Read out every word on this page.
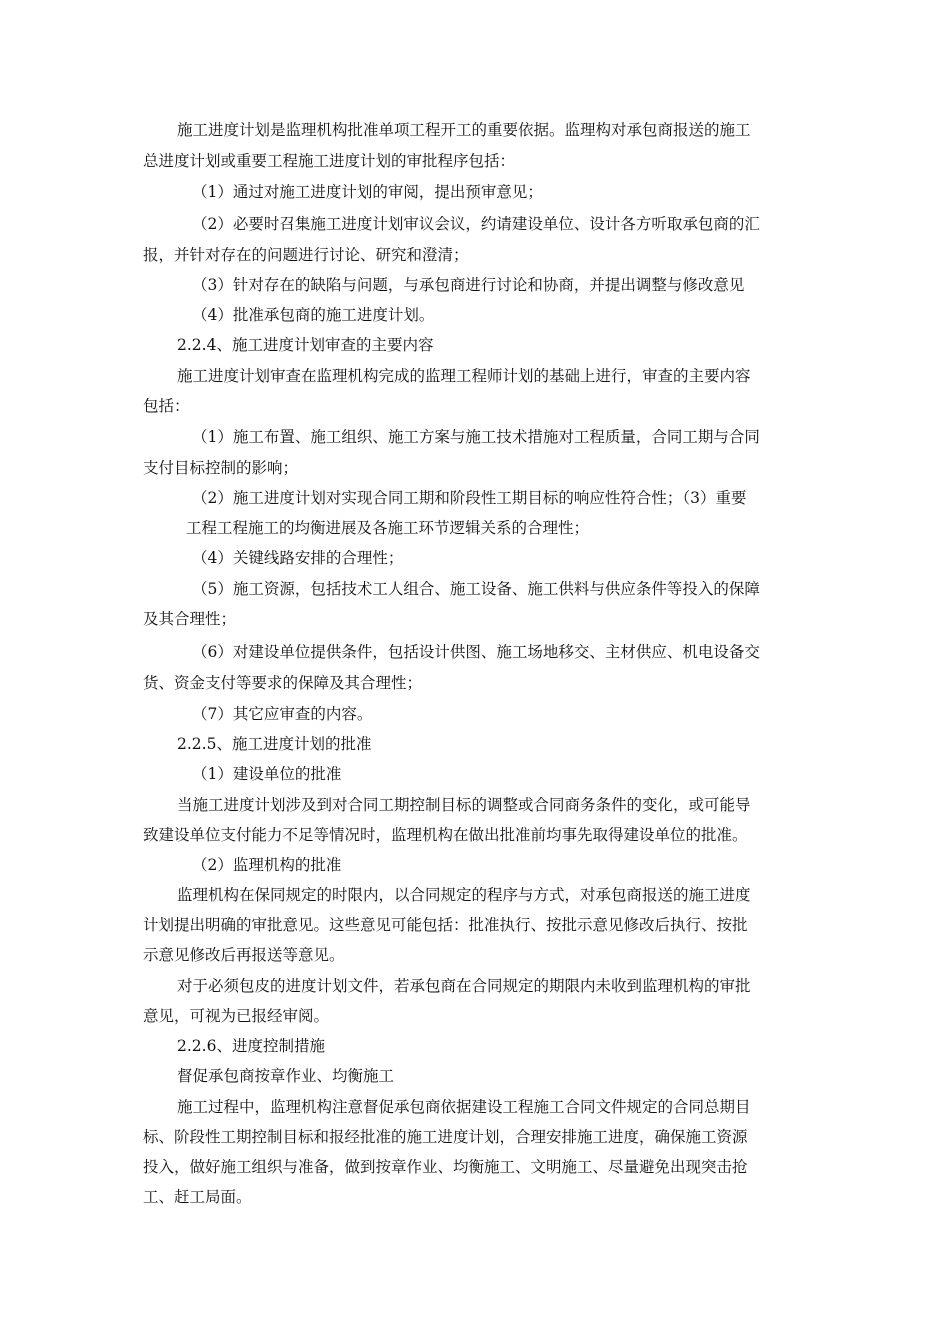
施工进度计划是监理机构批准单项工程开工的重要依据。监理构对承包商报送的施工
总进度计划或重要工程施工进度计划的审批程序包括：
（1）通过对施工进度计划的审阅，提出预审意见；
（2）必要时召集施工进度计划审议会议，约请建设单位、设计各方听取承包商的汇
报，并针对存在的问题进行讨论、研究和澄清；
（3）针对存在的缺陷与问题，与承包商进行讨论和协商，并提出调整与修改意见
（4）批准承包商的施工进度计划。
2.2.4、施工进度计划审查的主要内容
施工进度计划审查在监理机构完成的监理工程师计划的基础上进行，审查的主要内容
包括：
（1）施工布置、施工组织、施工方案与施工技术措施对工程质量，合同工期与合同
支付目标控制的影响；
（2）施工进度计划对实现合同工期和阶段性工期目标的响应性符合性；（3）重要
工程工程施工的均衡进展及各施工环节逻辑关系的合理性；
（4）关键线路安排的合理性；
（5）施工资源，包括技术工人组合、施工设备、施工供料与供应条件等投入的保障
及其合理性；
（6）对建设单位提供条件，包括设计供图、施工场地移交、主材供应、机电设备交
货、资金支付等要求的保障及其合理性；
（7）其它应审查的内容。
2.2.5、施工进度计划的批准
（1）建设单位的批准
当施工进度计划涉及到对合同工期控制目标的调整或合同商务条件的变化，或可能导
致建设单位支付能力不足等情况时，监理机构在做出批准前均事先取得建设单位的批准。
（2）监理机构的批准
监理机构在保同规定的时限内，以合同规定的程序与方式，对承包商报送的施工进度
计划提出明确的审批意见。这些意见可能包括：批准执行、按批示意见修改后执行、按批
示意见修改后再报送等意见。
对于必须包皮的进度计划文件，若承包商在合同规定的期限内未收到监理机构的审批
意见，可视为已报经审阅。
2.2.6、进度控制措施
督促承包商按章作业、均衡施工
施工过程中，监理机构注意督促承包商依据建设工程施工合同文件规定的合同总期目
标、阶段性工期控制目标和报经批准的施工进度计划，合理安排施工进度，确保施工资源
投入，做好施工组织与准备，做到按章作业、均衡施工、文明施工、尽量避免出现突击抢
工、赶工局面。
